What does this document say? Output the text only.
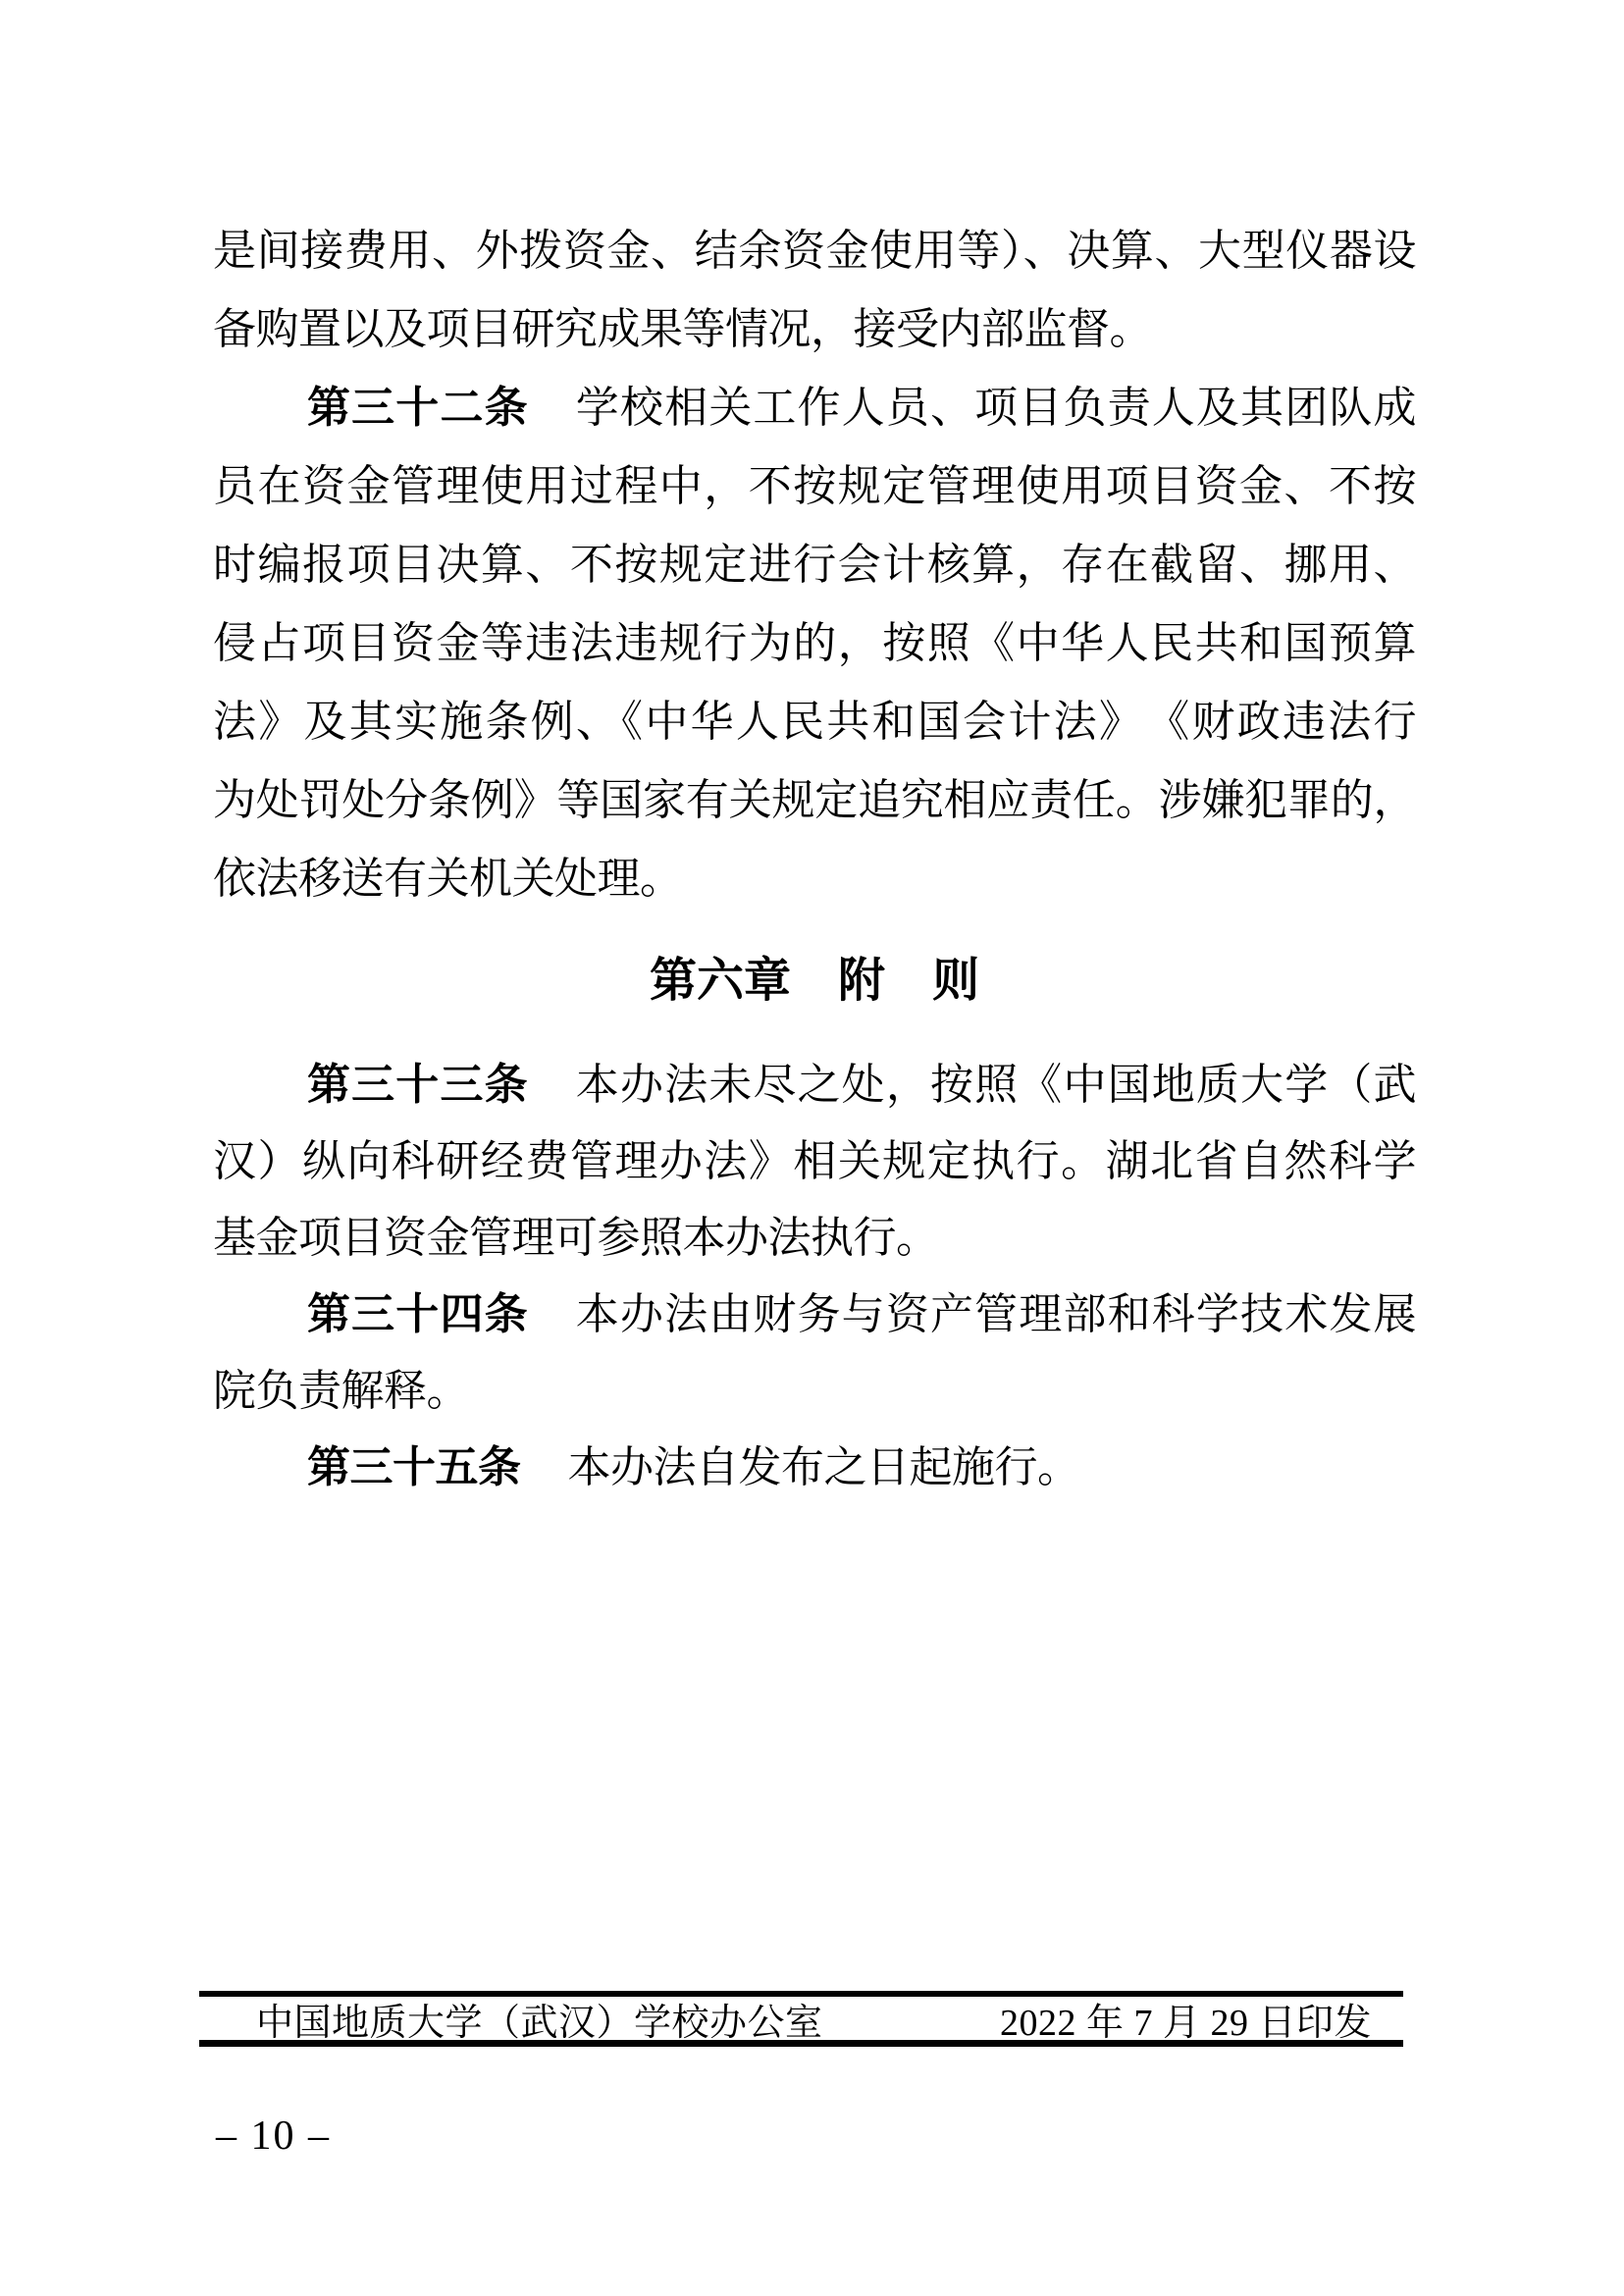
是间接费用、外拨资金、结余资金使用等）、决算、大型仪器设

备购置以及项目研究成果等情况，接受内部监督。

第三十二条 学校相关工作人员、项目负责人及其团队成

员在资金管理使用过程中，不按规定管理使用项目资金、不按

时编报项目决算、不按规定进行会计核算，存在截留、挪用、

侵占项目资金等违法违规行为的，按照《中华人民共和国预算

法》及其实施条例、《中华人民共和国会计法》　《财政违法行

为处罚处分条例》等国家有关规定追究相应责任。涉嫌犯罪的，

依法移送有关机关处理。

第六章　附　则

第三十三条 本办法未尽之处，按照《中国地质大学（武

汉）纵向科研经费管理办法》相关规定执行。湖北省自然科学

基金项目资金管理可参照本办法执行。

第三十四条 本办法由财务与资产管理部和科学技术发展

院负责解释。

第三十五条 本办法自发布之日起施行。

中国地质大学（武汉）学校办公室	2022 年 7 月 29 日印发
– 10 –
